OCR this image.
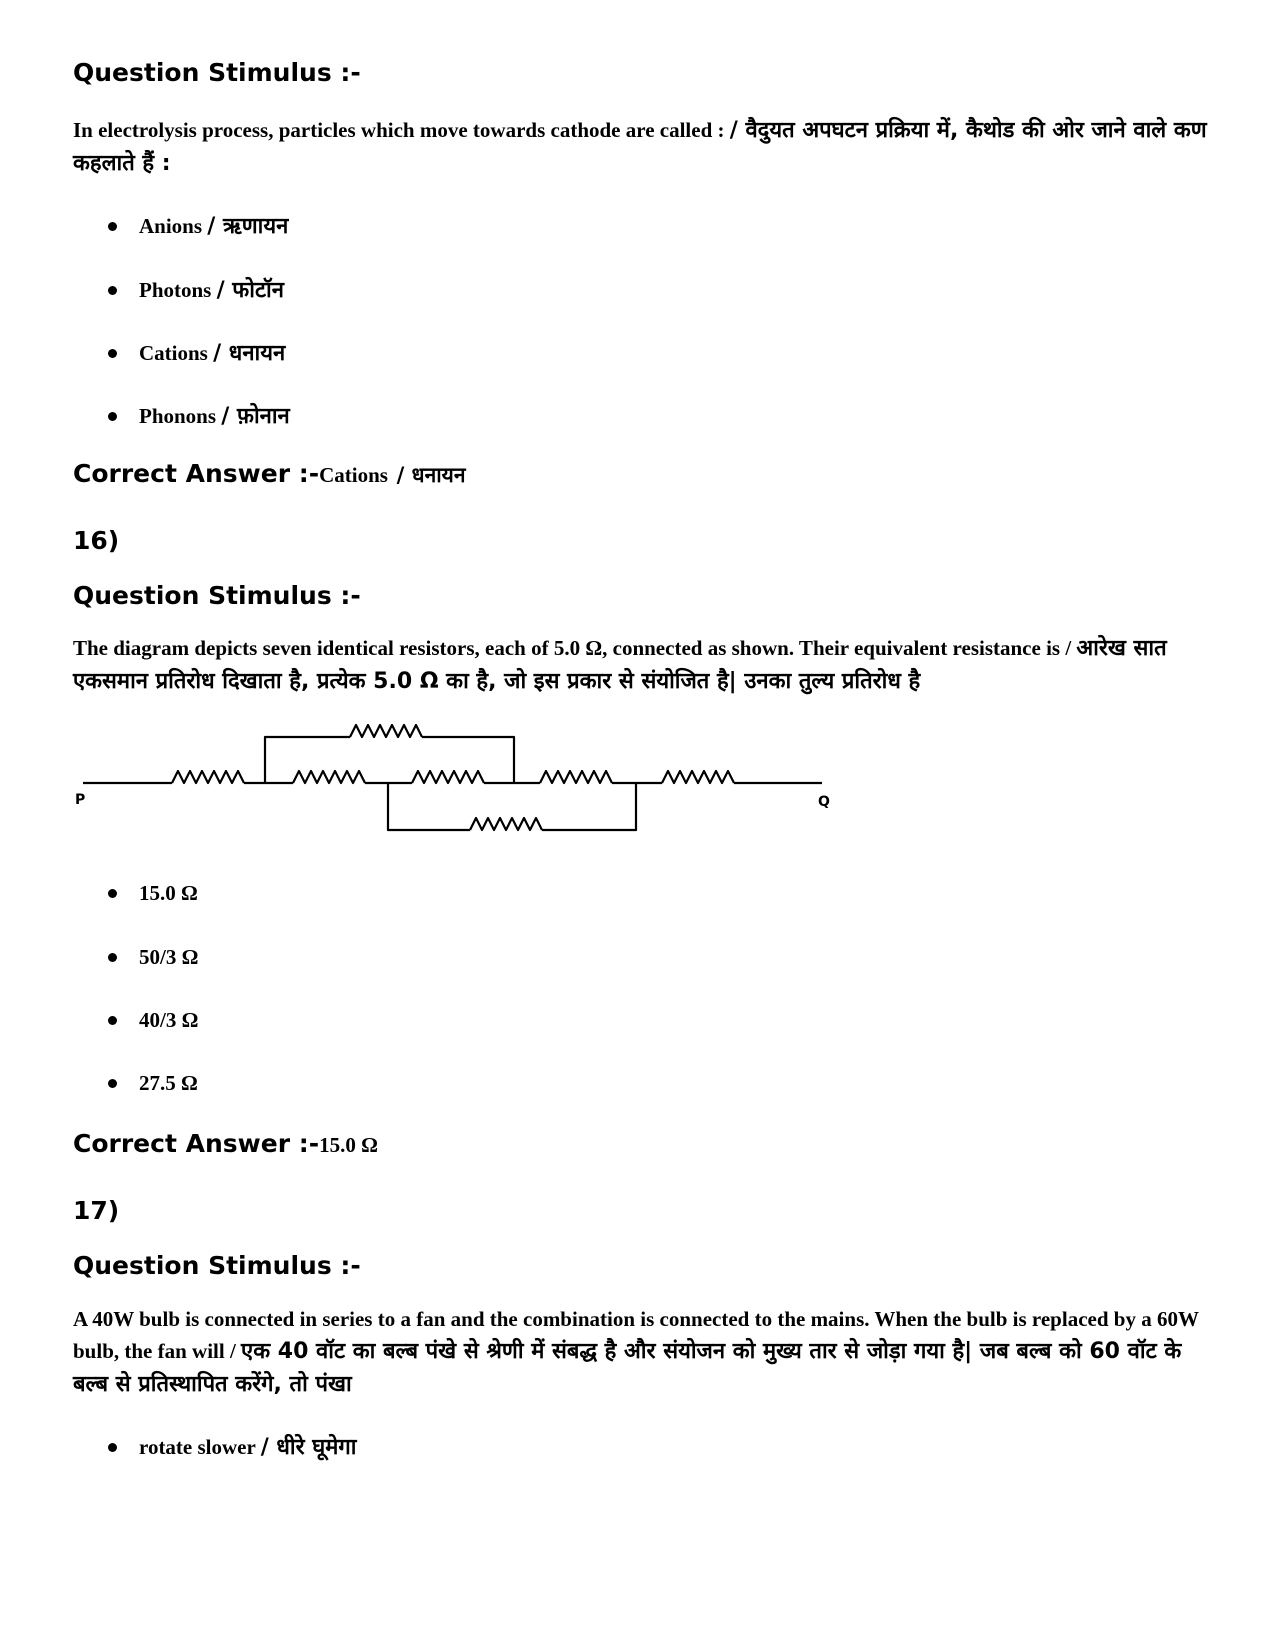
Question Stimulus :-

In electrolysis process, particles which move towards cathode are called : / वैदुयत अपघटन प्रक्रिया में, कैथोड की ओर जाने वाले कण कहलाते हैं :

Anions / ऋणायन
Photons / फोटॉन
Cations / धनायन
Phonons / फ़ोनान
Correct Answer :-Cations / धनायन
16)
Question Stimulus :-

The diagram depicts seven identical resistors, each of 5.0 Ω, connected as shown. Their equivalent resistance is / आरेख सात एकसमान प्रतिरोध दिखाता है, प्रत्येक 5.0 Ω का है, जो इस प्रकार से संयोजित है| उनका तुल्य प्रतिरोध है

P	Q
15.0 Ω
50/3 Ω
40/3 Ω
27.5 Ω
Correct Answer :-15.0 Ω
17)
Question Stimulus :-

A 40W bulb is connected in series to a fan and the combination is connected to the mains. When the bulb is replaced by a 60W bulb, the fan will / एक 40 वॉट का बल्ब पंखे से श्रेणी में संबद्ध है और संयोजन को मुख्य तार से जोड़ा गया है| जब बल्ब को 60 वॉट के बल्ब से प्रतिस्थापित करेंगे, तो पंखा

rotate slower / धीरे घूमेगा
